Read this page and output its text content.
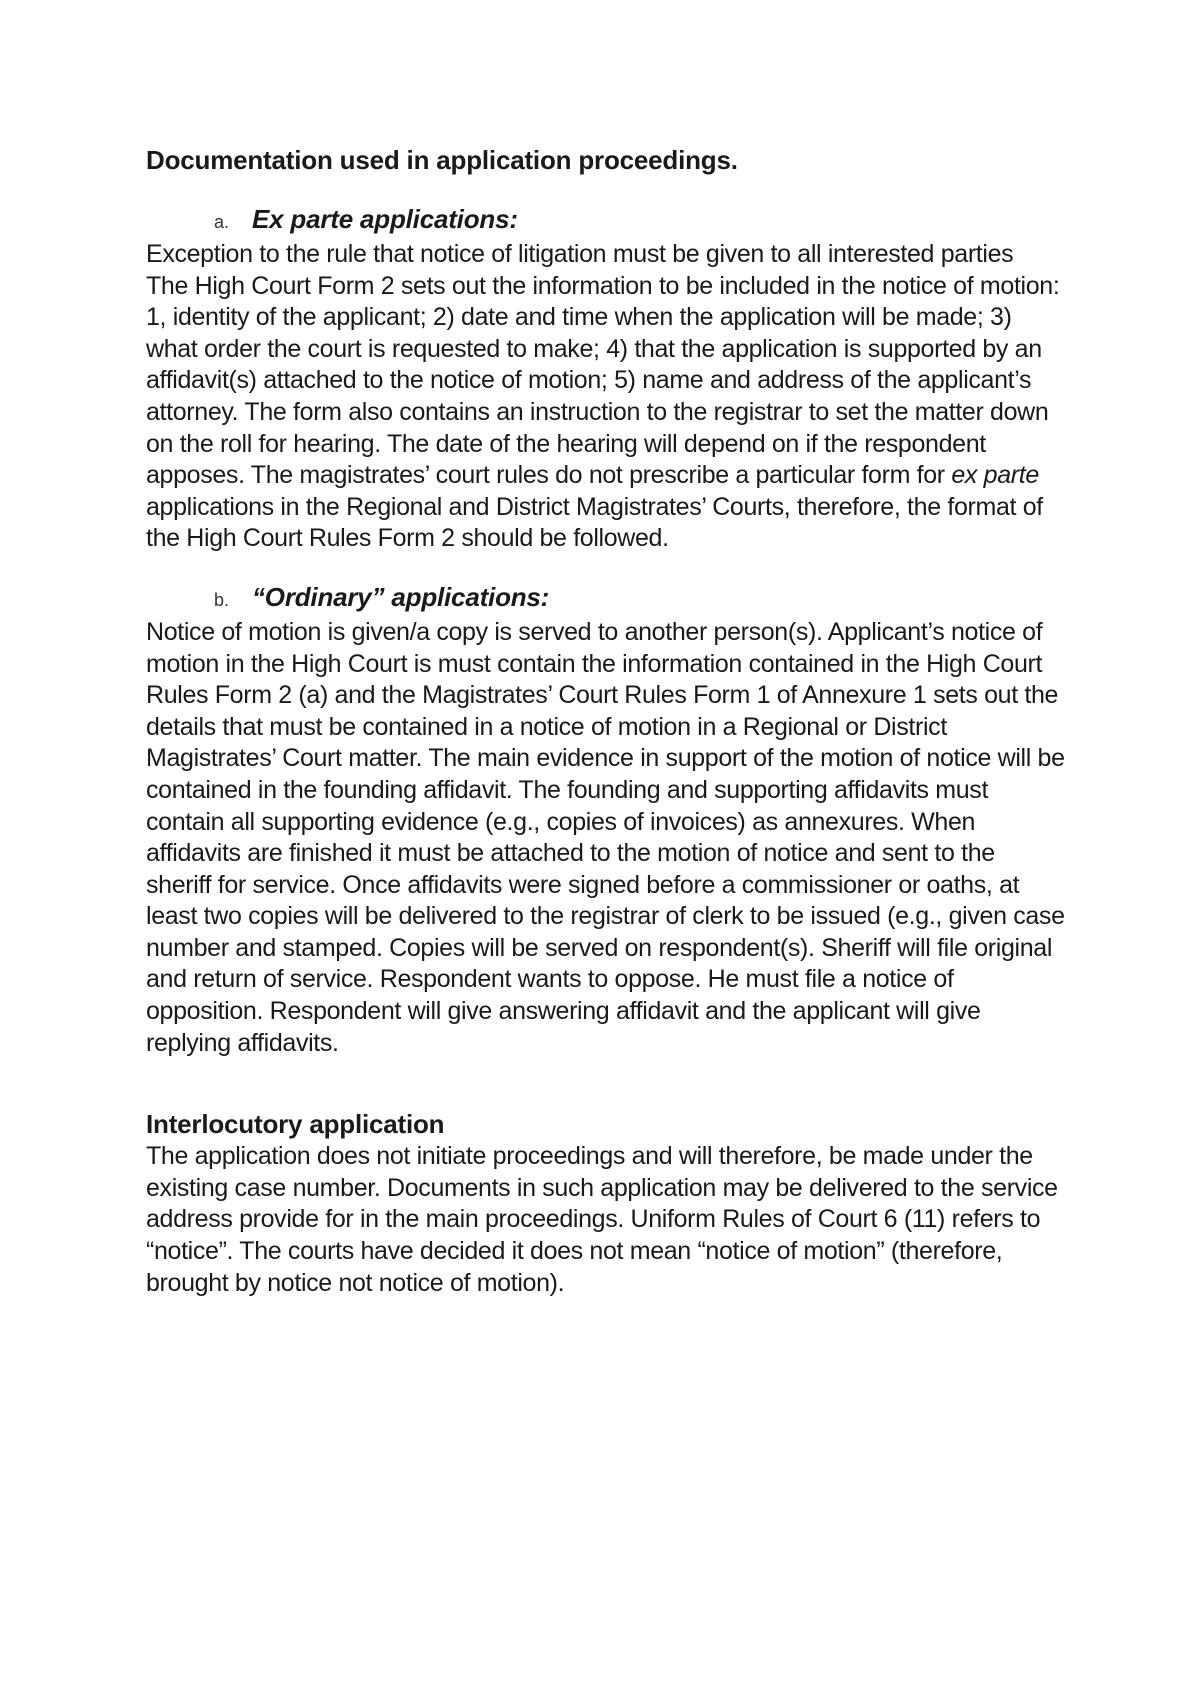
Documentation used in application proceedings.
a. Ex parte applications:

Exception to the rule that notice of litigation must be given to all interested parties

The High Court Form 2 sets out the information to be included in the notice of motion: 1, identity of the applicant; 2) date and time when the application will be made; 3) what order the court is requested to make; 4) that the application is supported by an affidavit(s) attached to the notice of motion; 5) name and address of the applicant’s attorney. The form also contains an instruction to the registrar to set the matter down on the roll for hearing. The date of the hearing will depend on if the respondent apposes. The magistrates’ court rules do not prescribe a particular form for ex parte applications in the Regional and District Magistrates’ Courts, therefore, the format of the High Court Rules Form 2 should be followed.

b. “Ordinary” applications:

Notice of motion is given/a copy is served to another person(s). Applicant’s notice of motion in the High Court is must contain the information contained in the High Court Rules Form 2 (a) and the Magistrates’ Court Rules Form 1 of Annexure 1 sets out the details that must be contained in a notice of motion in a Regional or District Magistrates’ Court matter. The main evidence in support of the motion of notice will be contained in the founding affidavit. The founding and supporting affidavits must contain all supporting evidence (e.g., copies of invoices) as annexures. When affidavits are finished it must be attached to the motion of notice and sent to the sheriff for service. Once affidavits were signed before a commissioner or oaths, at least two copies will be delivered to the registrar of clerk to be issued (e.g., given case number and stamped. Copies will be served on respondent(s). Sheriff will file original and return of service. Respondent wants to oppose. He must file a notice of opposition. Respondent will give answering affidavit and the applicant will give replying affidavits.

Interlocutory application

The application does not initiate proceedings and will therefore, be made under the existing case number. Documents in such application may be delivered to the service address provide for in the main proceedings. Uniform Rules of Court 6 (11) refers to “notice”. The courts have decided it does not mean “notice of motion” (therefore, brought by notice not notice of motion).
